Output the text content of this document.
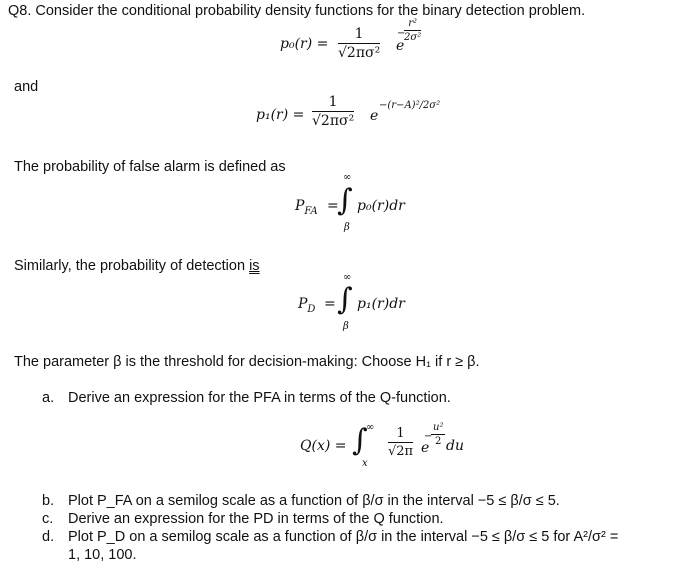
Q8. Consider the conditional probability density functions for the binary detection problem.
$p_0(r) = \frac{1}{\text{√2πσ²}}$ e
−
r²
2σ²
and
$p_1(r) = \frac{1}{\text{√2πσ²}}$ e
−(r−A)²/2σ²
The probability of false alarm is defined as
$P_{FA}$ =
∞
∫
β
p₀(r)dr
Similarly, the probability of detection is
$P_D$ =
∞
∫
β
p₁(r)dr
The parameter β is the threshold for decision-making: Choose H₁ if r ≥ β.
a. Derive an expression for the PFA in terms of the Q-function.
Q(x) = ∫
∞
x
$\frac{1}{√2\pi}$ e
−
u²
2 du
b. Plot P_FA on a semilog scale as a function of β/σ in the interval −5 ≤ β/σ ≤ 5.
c. Derive an expression for the PD in terms of the Q function.
d. Plot P_D on a semilog scale as a function of β/σ in the interval −5 ≤ β/σ ≤ 5 for A²/σ² =
1, 10, 100.
